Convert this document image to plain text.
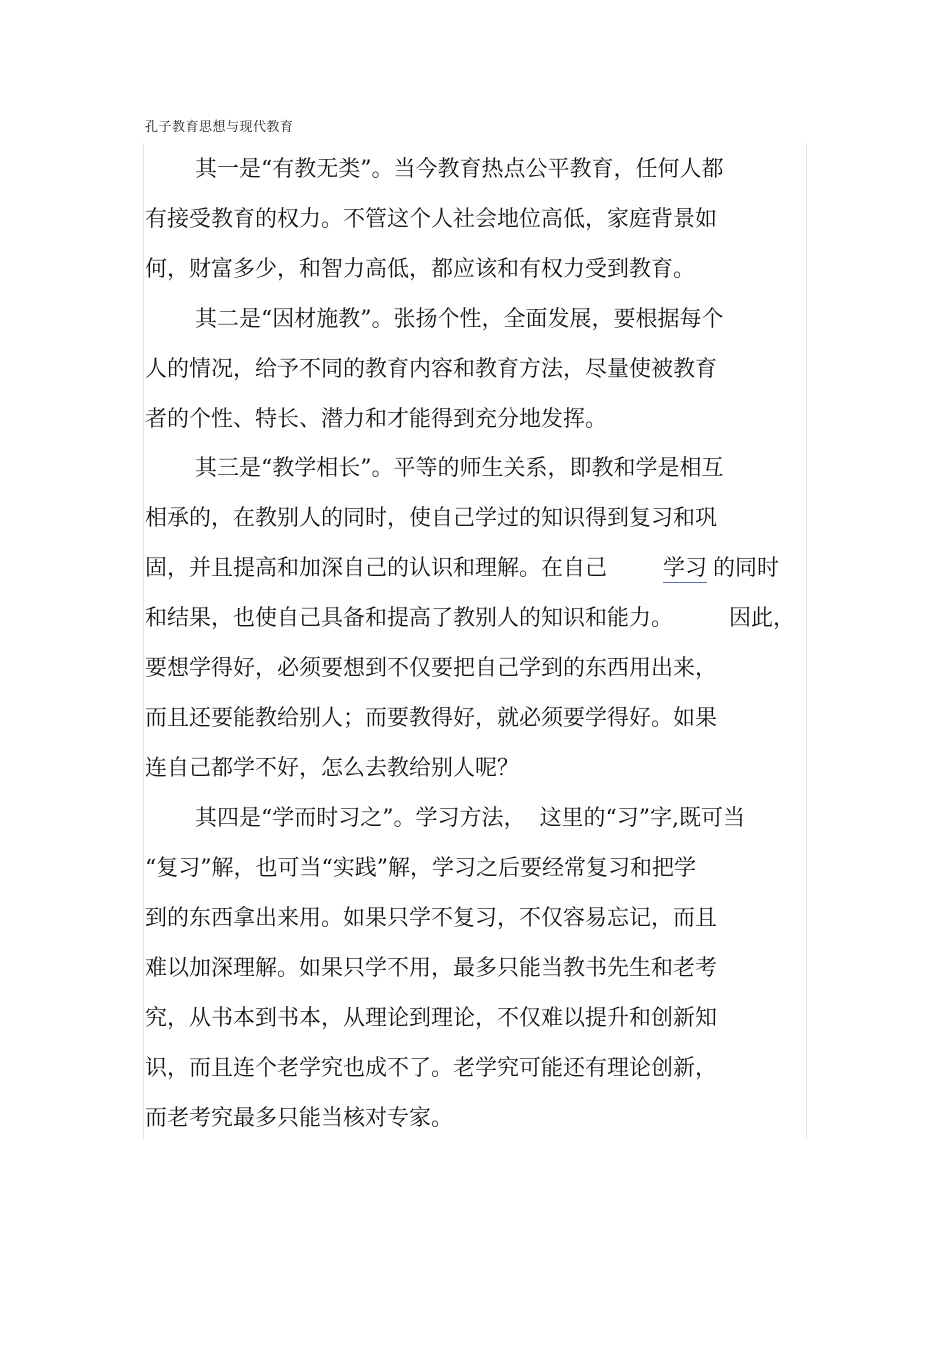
孔子教育思想与现代教育
其一是“有教无类”。当今教育热点公平教育，任何人都
有接受教育的权力。不管这个人社会地位高低，家庭背景如
何，财富多少，和智力高低，都应该和有权力受到教育。
其二是“因材施教”。张扬个性，全面发展，要根据每个
人的情况，给予不同的教育内容和教育方法，尽量使被教育
者的个性、特长、潜力和才能得到充分地发挥。
其三是“教学相长”。平等的师生关系，即教和学是相互
相承的，在教别人的同时，使自己学过的知识得到复习和巩
固，并且提高和加深自己的认识和理解。在自己	学习 的同时
和结果，也使自己具备和提高了教别人的知识和能力。	因此，
要想学得好，必须要想到不仅要把自己学到的东西用出来，
而且还要能教给别人；而要教得好，就必须要学得好。如果
连自己都学不好，怎么去教给别人呢？
其四是“学而时习之”。学习方法， 这里的“习”字,既可当
“复习”解，也可当“实践”解，学习之后要经常复习和把学
到的东西拿出来用。如果只学不复习，不仅容易忘记，而且
难以加深理解。如果只学不用，最多只能当教书先生和老考
究，从书本到书本，从理论到理论，不仅难以提升和创新知
识，而且连个老学究也成不了。老学究可能还有理论创新，
而老考究最多只能当核对专家。
